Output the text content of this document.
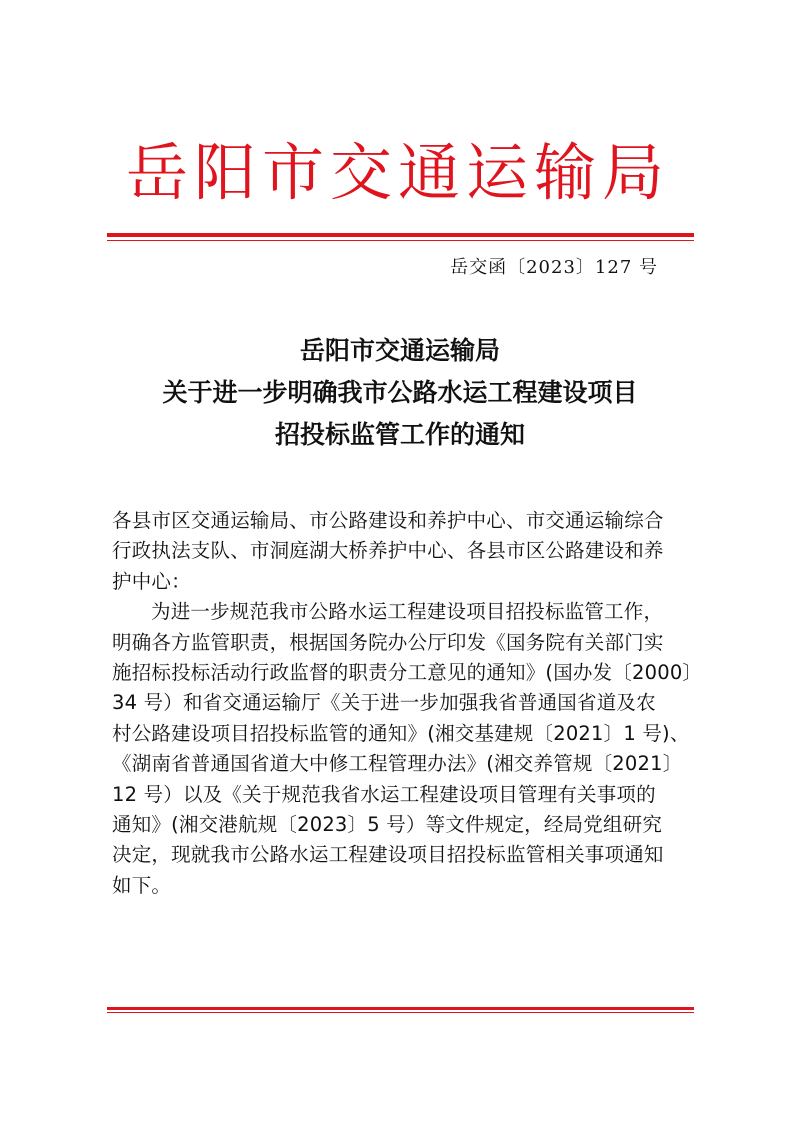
岳阳市交通运输局
岳交函〔2023〕127 号
岳阳市交通运输局
关于进一步明确我市公路水运工程建设项目
招投标监管工作的通知
各县市区交通运输局、市公路建设和养护中心、市交通运输综合
行政执法支队、市洞庭湖大桥养护中心、各县市区公路建设和养
护中心：
为进一步规范我市公路水运工程建设项目招投标监管工作，
明确各方监管职责，根据国务院办公厅印发《国务院有关部门实
施招标投标活动行政监督的职责分工意见的通知》(国办发〔2000〕
34 号）和省交通运输厅《关于进一步加强我省普通国省道及农
村公路建设项目招投标监管的通知》(湘交基建规〔2021〕1 号)、
《湖南省普通国省道大中修工程管理办法》(湘交养管规〔2021〕
12 号）以及《关于规范我省水运工程建设项目管理有关事项的
通知》(湘交港航规〔2023〕5 号）等文件规定，经局党组研究
决定，现就我市公路水运工程建设项目招投标监管相关事项通知
如下。
